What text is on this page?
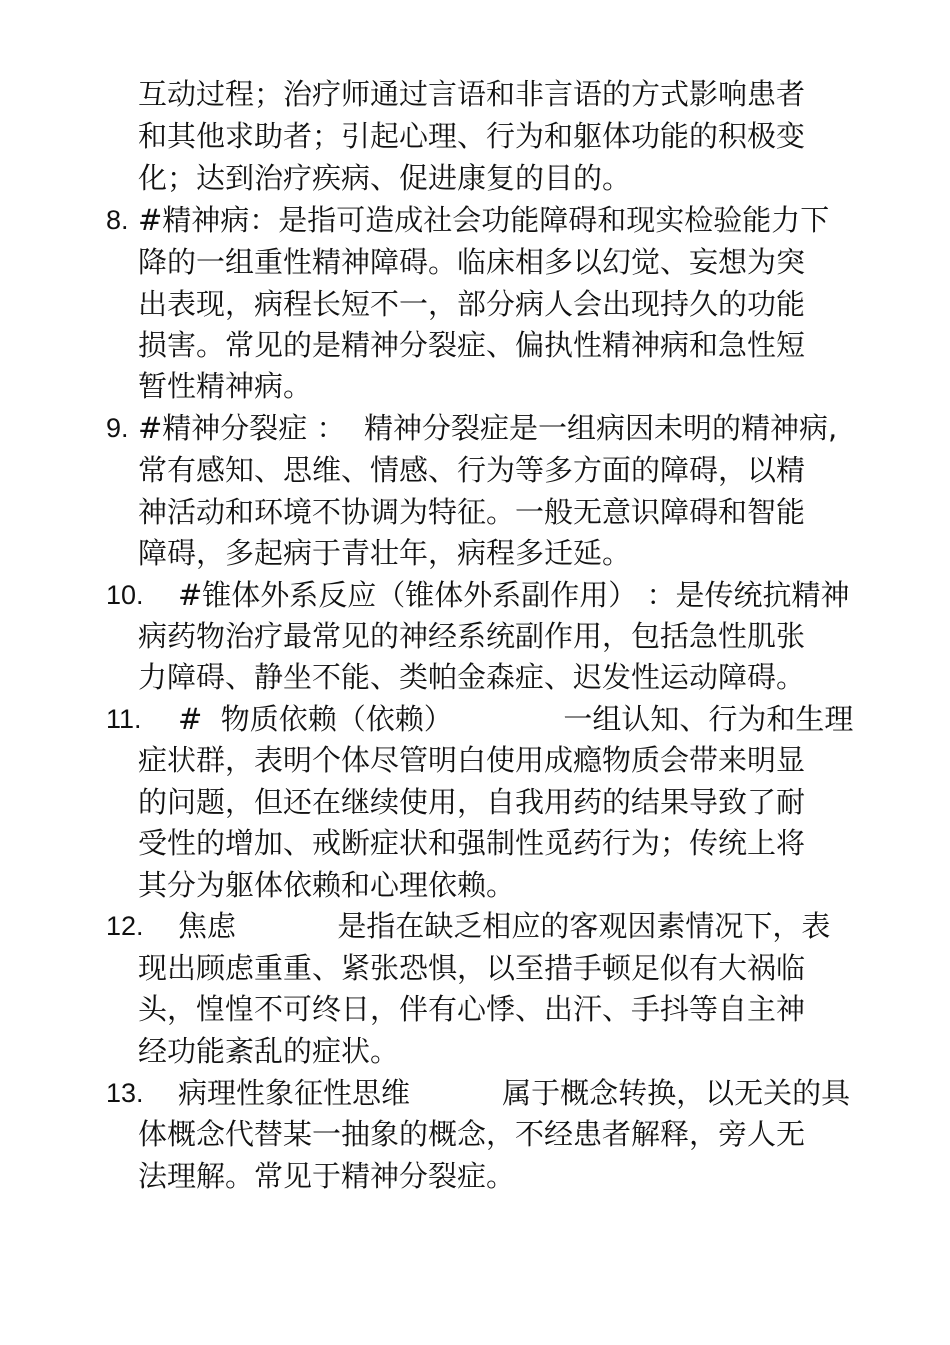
互动过程；治疗师通过言语和非言语的方式影响患者
和其他求助者；引起心理、行为和躯体功能的积极变
化；达到治疗疾病、促进康复的目的。
8. #精神病：是指可造成社会功能障碍和现实检验能力下
降的一组重性精神障碍。临床相多以幻觉、妄想为突
出表现，病程长短不一，部分病人会出现持久的功能
损害。常见的是精神分裂症、偏执性精神病和急性短
暂性精神病。
9. #精神分裂症 ：  精神分裂症是一组病因未明的精神病,
常有感知、思维、情感、行为等多方面的障碍，以精
神活动和环境不协调为特征。一般无意识障碍和智能
障碍，多起病于青壮年，病程多迁延。
10. #锥体外系反应（锥体外系副作用） ：是传统抗精神
病药物治疗最常见的神经系统副作用，包括急性肌张
力障碍、静坐不能、类帕金森症、迟发性运动障碍。
11. #  物质依赖（依赖）            一组认知、行为和生理
症状群，表明个体尽管明白使用成瘾物质会带来明显
的问题，但还在继续使用，自我用药的结果导致了耐
受性的增加、戒断症状和强制性觅药行为；传统上将
其分为躯体依赖和心理依赖。
12. 焦虑           是指在缺乏相应的客观因素情况下，表
现出顾虑重重、紧张恐惧，以至措手顿足似有大祸临
头，惶惶不可终日，伴有心悸、出汗、手抖等自主神
经功能紊乱的症状。
13. 病理性象征性思维          属于概念转换，以无关的具
体概念代替某一抽象的概念，不经患者解释，旁人无
法理解。常见于精神分裂症。
